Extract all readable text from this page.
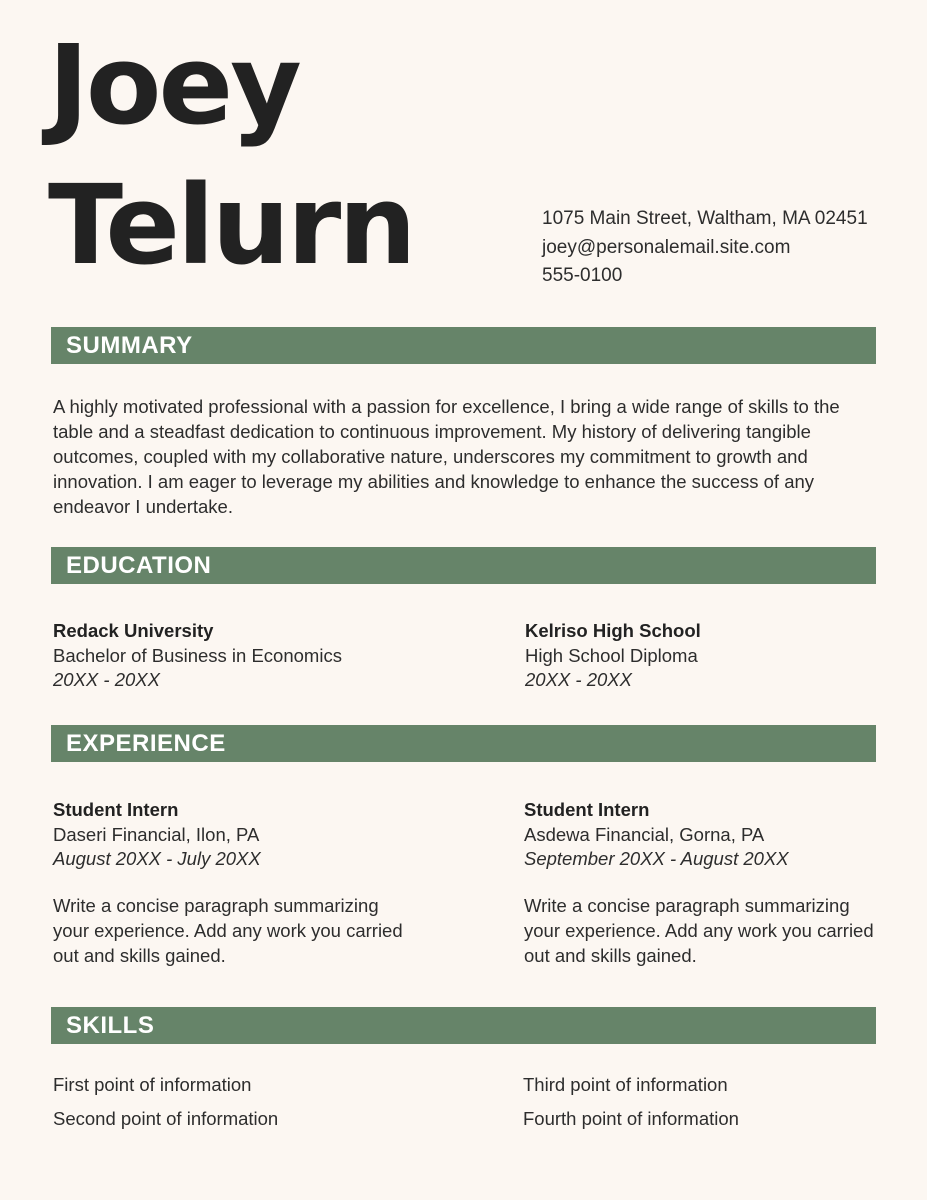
Joey
Telurn	1075 Main Street, Waltham, MA 02451
joey@personalemail.site.com
555-0100
SUMMARY

A highly motivated professional with a passion for excellence, I bring a wide range of skills to the table and a steadfast dedication to continuous improvement. My history of delivering tangible outcomes, coupled with my collaborative nature, underscores my commitment to growth and innovation. I am eager to leverage my abilities and knowledge to enhance the success of any endeavor I undertake.

EDUCATION
Redack University
Bachelor of Business in Economics
20XX - 20XX
Kelriso High School
High School Diploma
20XX - 20XX
EXPERIENCE
Student Intern
Daseri Financial, Ilon, PA
August 20XX - July 20XX
Write a concise paragraph summarizing your experience. Add any work you carried out and skills gained.
Student Intern
Asdewa Financial, Gorna, PA
September 20XX - August 20XX
Write a concise paragraph summarizing your experience. Add any work you carried out and skills gained.
SKILLS
First point of information
Second point of information
Third point of information
Fourth point of information
